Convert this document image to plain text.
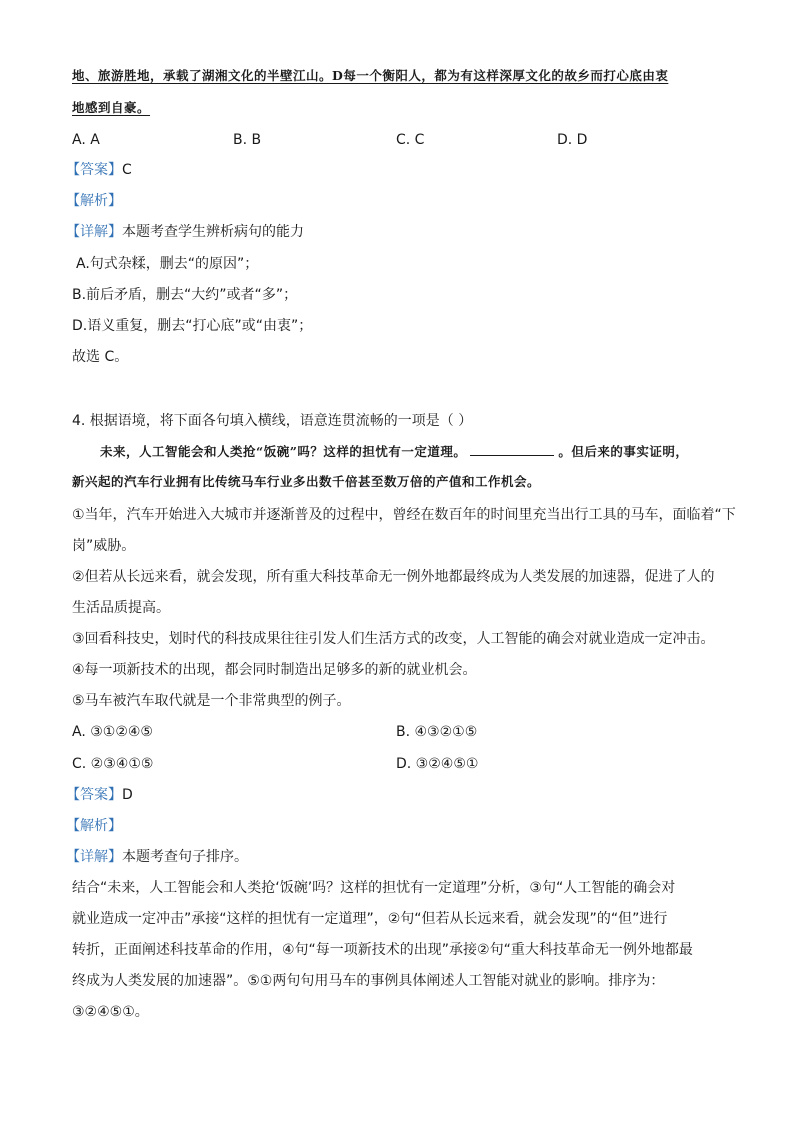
地、旅游胜地，承载了湖湘文化的半壁江山。D每一个衡阳人，都为有这样深厚文化的故乡而打心底由衷
地感到自豪。
A. A	B. B	C. C	D. D
【答案】C
【解析】
【详解】本题考查学生辨析病句的能力
A.句式杂糅，删去“的原因”；
B.前后矛盾，删去“大约”或者“多”；
D.语义重复，删去“打心底”或“由衷”；
故选 C。
4. 根据语境，将下面各句填入横线，语意连贯流畅的一项是（ ）
未来，人工智能会和人类抢“饭碗”吗？这样的担忧有一定道理。	。但后来的事实证明，
新兴起的汽车行业拥有比传统马车行业多出数千倍甚至数万倍的产值和工作机会。
①当年，汽车开始进入大城市并逐渐普及的过程中，曾经在数百年的时间里充当出行工具的马车，面临着“下
岗”威胁。
②但若从长远来看，就会发现，所有重大科技革命无一例外地都最终成为人类发展的加速器，促进了人的
生活品质提高。
③回看科技史，划时代的科技成果往往引发人们生活方式的改变，人工智能的确会对就业造成一定冲击。
④每一项新技术的出现，都会同时制造出足够多的新的就业机会。
⑤马车被汽车取代就是一个非常典型的例子。
A. ③①②④⑤	B. ④③②①⑤
C. ②③④①⑤	D. ③②④⑤①
【答案】D
【解析】
【详解】本题考查句子排序。
结合“未来，人工智能会和人类抢‘饭碗’吗？这样的担忧有一定道理”分析，③句“人工智能的确会对
就业造成一定冲击”承接“这样的担忧有一定道理”，②句“但若从长远来看，就会发现”的“但”进行
转折，正面阐述科技革命的作用，④句“每一项新技术的出现”承接②句“重大科技革命无一例外地都最
终成为人类发展的加速器”。⑤①两句句用马车的事例具体阐述人工智能对就业的影响。排序为：
③②④⑤①。
